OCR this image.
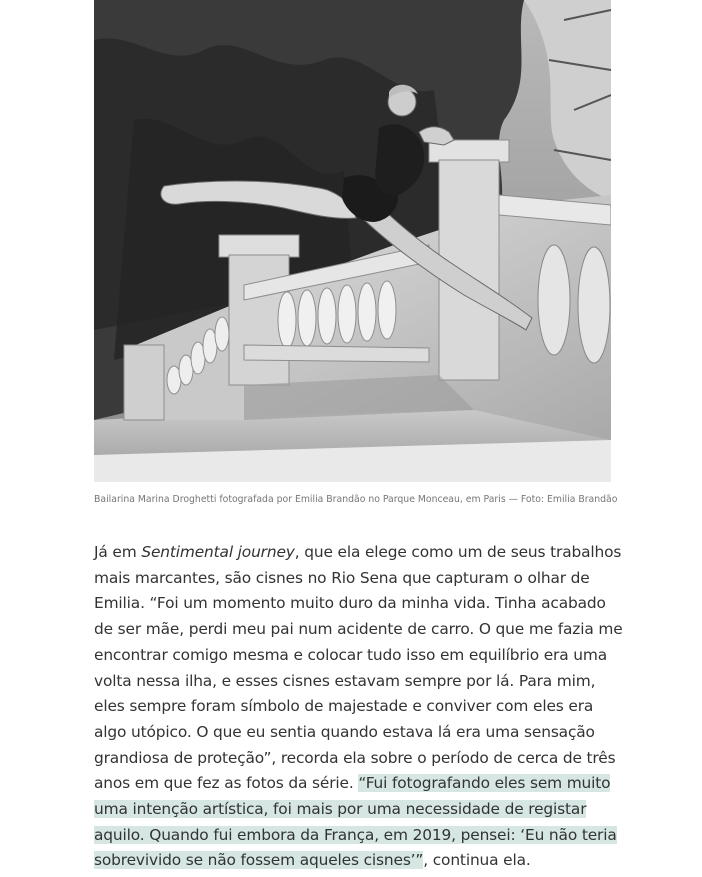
Bailarina Marina Droghetti fotografada por Emilia Brandão no Parque Monceau, em Paris — Foto: Emilia Brandão

Já em Sentimental journey, que ela elege como um de seus trabalhos mais marcantes, são cisnes no Rio Sena que capturam o olhar de Emilia. “Foi um momento muito duro da minha vida. Tinha acabado de ser mãe, perdi meu pai num acidente de carro. O que me fazia me encontrar comigo mesma e colocar tudo isso em equilíbrio era uma volta nessa ilha, e esses cisnes estavam sempre por lá. Para mim, eles sempre foram símbolo de majestade e conviver com eles era algo utópico. O que eu sentia quando estava lá era uma sensação grandiosa de proteção”, recorda ela sobre o período de cerca de três anos em que fez as fotos da série. “Fui fotografando eles sem muito uma intenção artística, foi mais por uma necessidade de registar aquilo. Quando fui embora da França, em 2019, pensei: ‘Eu não teria sobrevivido se não fossem aqueles cisnes’”, continua ela.
